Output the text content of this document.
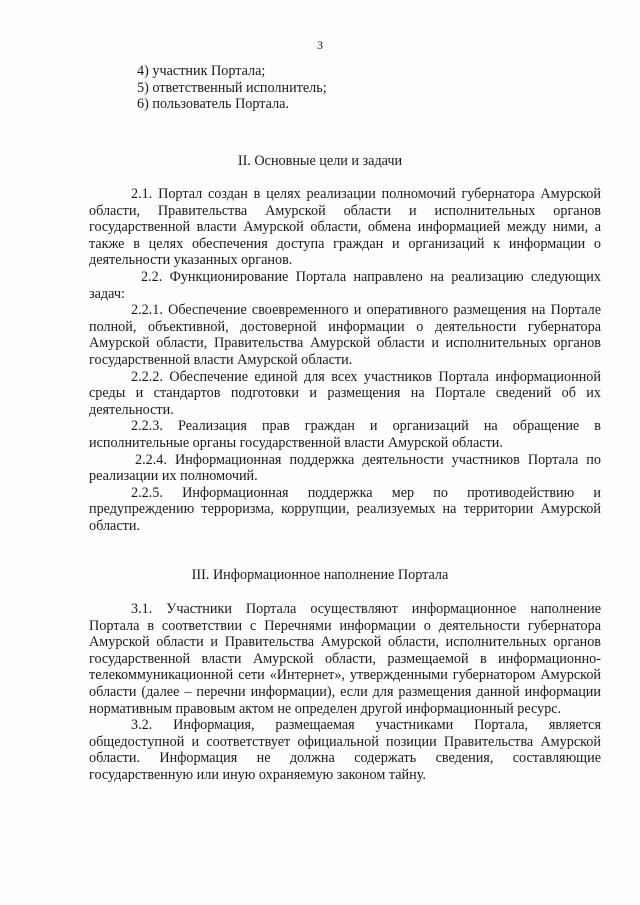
3
4) участник Портала;
5) ответственный исполнитель;
6) пользователь Портала.
II. Основные цели и задачи

2.1. Портал создан в целях реализации полномочий губернатора Амурской области, Правительства Амурской области и исполнительных органов государственной власти Амурской области, обмена информацией между ними, а также в целях обеспечения доступа граждан и организаций к информации о деятельности указанных органов.

2.2. Функционирование Портала направлено на реализацию следующих задач:

2.2.1. Обеспечение своевременного и оперативного размещения на Портале полной, объективной, достоверной информации о деятельности губернатора Амурской области, Правительства Амурской области и исполнительных органов государственной власти Амурской области.

2.2.2. Обеспечение единой для всех участников Портала информационной среды и стандартов подготовки и размещения на Портале сведений об их деятельности.

2.2.3. Реализация прав граждан и организаций на обращение в исполнительные органы государственной власти Амурской области.

2.2.4. Информационная поддержка деятельности участников Портала по реализации их полномочий.

2.2.5. Информационная поддержка мер по противодействию и предупреждению терроризма, коррупции, реализуемых на территории Амурской области.

III. Информационное наполнение Портала

3.1. Участники Портала осуществляют информационное наполнение Портала в соответствии с Перечнями информации о деятельности губернатора Амурской области и Правительства Амурской области, исполнительных органов государственной власти Амурской области, размещаемой в информационно-телекоммуникационной сети «Интернет», утвержденными губернатором Амурской области (далее – перечни информации), если для размещения данной информации нормативным правовым актом не определен другой информационный ресурс.

3.2. Информация, размещаемая участниками Портала, является общедоступной и соответствует официальной позиции Правительства Амурской области. Информация не должна содержать сведения, составляющие государственную или иную охраняемую законом тайну.
